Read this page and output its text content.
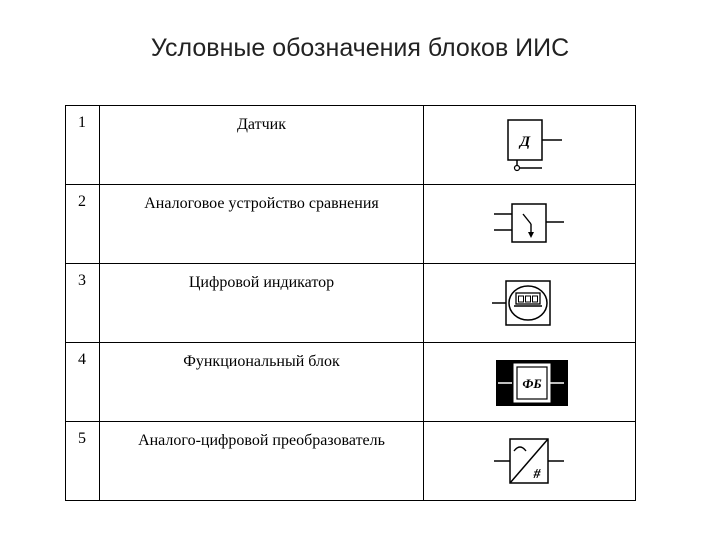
Условные обозначения блоков ИИС
1	Датчик	Д

2	Аналоговое устройство сравнения	

3	Цифровой индикатор	

4	Функциональный блок	ФБ

5	Аналого-цифровой преобразователь	#
